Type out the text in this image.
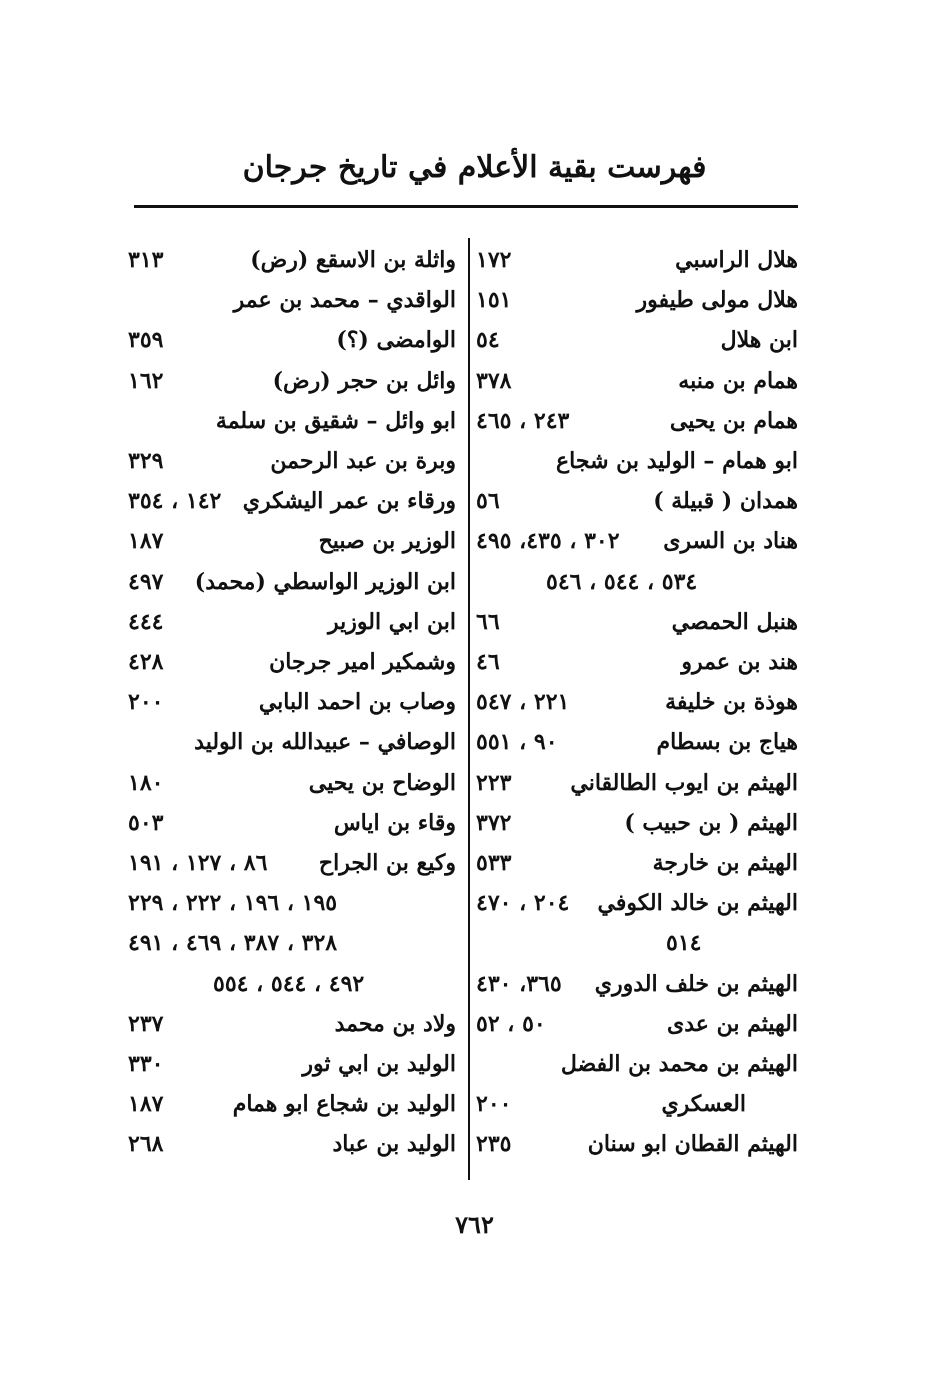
فهرست بقية الأعلام في تاريخ جرجان
هلال الراسبي
١٧٢
هلال مولى طيفور
١٥١
ابن هلال
٥٤
همام بن منبه
٣٧٨
همام بن يحيى
٢٤٣ ، ٤٦٥
ابو همام – الوليد بن شجاع
همدان ( قبيلة )
٥٦
هناد بن السرى
٣٠٢ ، ٤٣٥، ٤٩٥
٥٣٤ ، ٥٤٤ ، ٥٤٦
هنبل الحمصي
٦٦
هند بن عمرو
٤٦
هوذة بن خليفة
٢٢١ ، ٥٤٧
هياج بن بسطام
٩٠ ، ٥٥١
الهيثم بن ايوب الطالقاني
٢٢٣
الهيثم ( بن حبيب )
٣٧٢
الهيثم بن خارجة
٥٣٣
الهيثم بن خالد الكوفي
٢٠٤ ، ٤٧٠
٥١٤
الهيثم بن خلف الدوري
٣٦٥، ٤٣٠
الهيثم بن عدى
٥٠ ، ٥٢
الهيثم بن محمد بن الفضل
العسكري
٢٠٠
الهيثم القطان ابو سنان
٢٣٥
واثلة بن الاسقع (رض)
٣١٣
الواقدي – محمد بن عمر
الوامضى (؟)
٣٥٩
وائل بن حجر (رض)
١٦٢
ابو وائل – شقيق بن سلمة
وبرة بن عبد الرحمن
٣٢٩
ورقاء بن عمر اليشكري
١٤٢ ، ٣٥٤
الوزير بن صبيح
١٨٧
ابن الوزير الواسطي (محمد)
٤٩٧
ابن ابي الوزير
٤٤٤
وشمكير امير جرجان
٤٢٨
وصاب بن احمد البابي
٢٠٠
الوصافي – عبيدالله بن الوليد
الوضاح بن يحيى
١٨٠
وقاء بن اياس
٥٠٣
وكيع بن الجراح
٨٦ ، ١٢٧ ، ١٩١
١٩٥ ، ١٩٦ ، ٢٢٢ ، ٢٢٩
٣٢٨ ، ٣٨٧ ، ٤٦٩ ، ٤٩١
٤٩٢ ، ٥٤٤ ، ٥٥٤
ولاد بن محمد
٢٣٧
الوليد بن ابي ثور
٣٣٠
الوليد بن شجاع ابو همام
١٨٧
الوليد بن عباد
٢٦٨
٧٦٢
